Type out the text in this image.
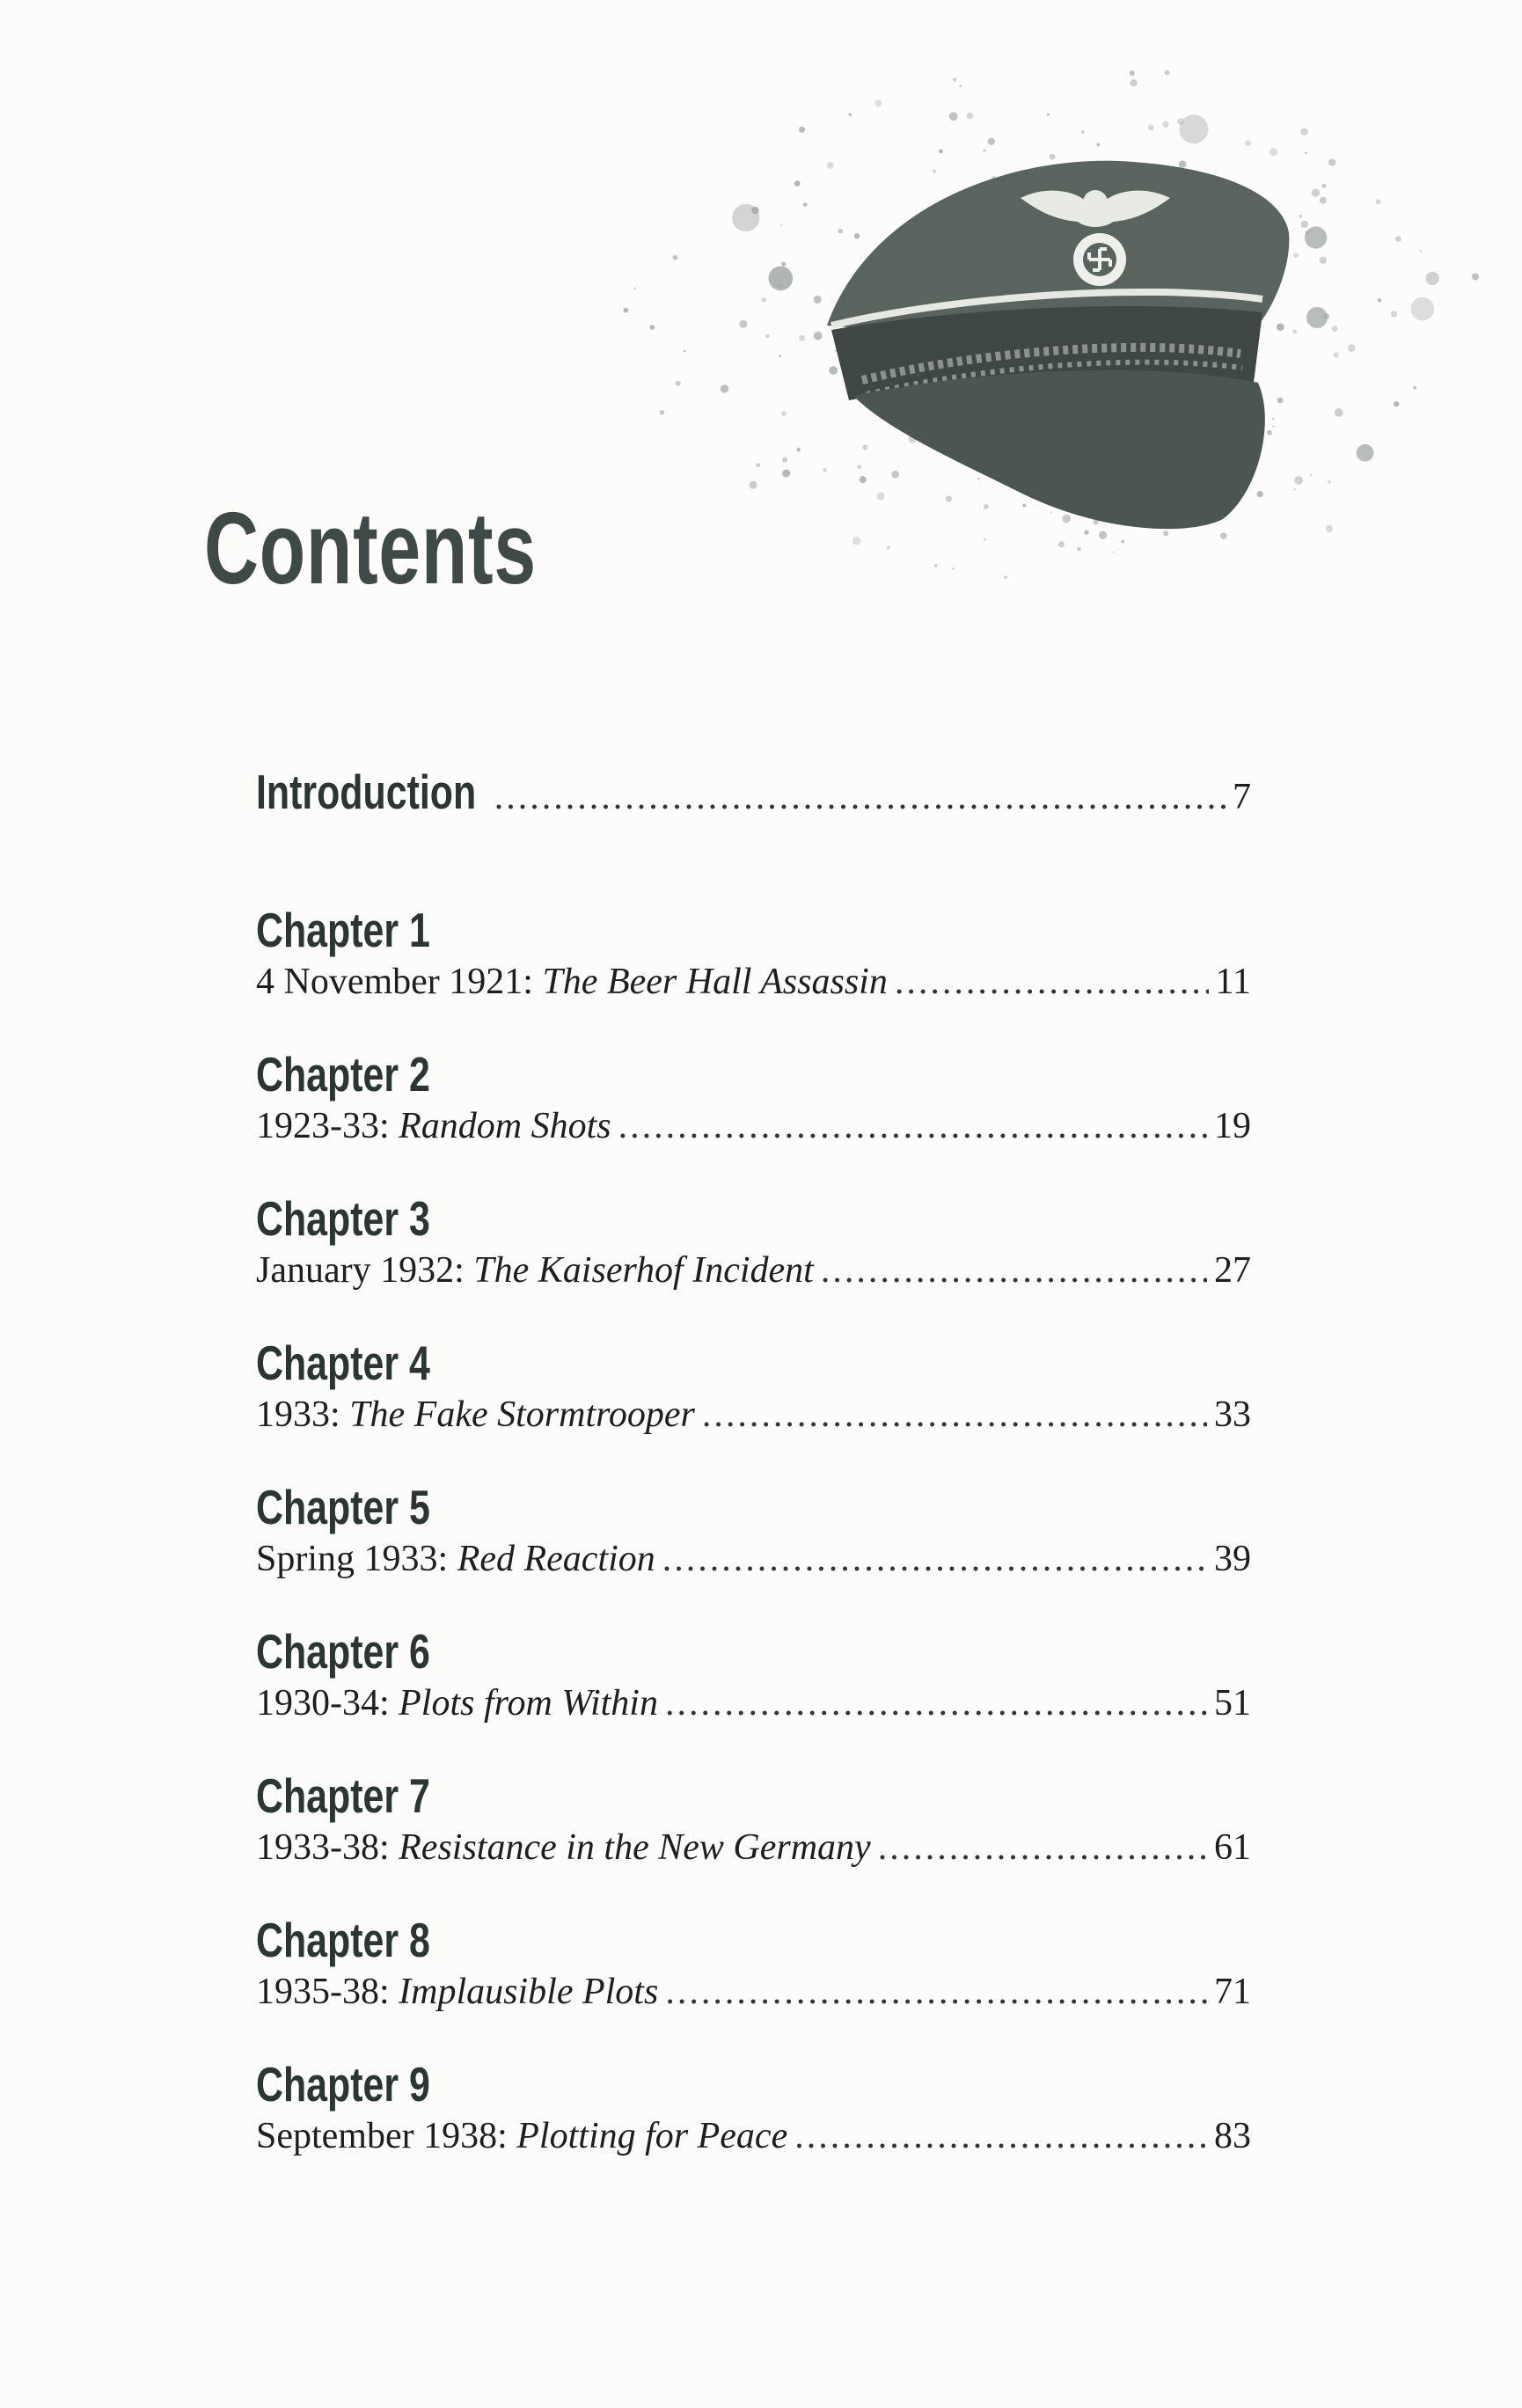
Contents
Introduction .....	7
Chapter 1
4 November 1921: The Beer Hall Assassin .....	11
Chapter 2
1923-33: Random Shots .....	19
Chapter 3
January 1932: The Kaiserhof Incident .....	27
Chapter 4
1933: The Fake Stormtrooper .....	33
Chapter 5
Spring 1933: Red Reaction .....	39
Chapter 6
1930-34: Plots from Within .....	51
Chapter 7
1933-38: Resistance in the New Germany .....	61
Chapter 8
1935-38: Implausible Plots .....	71
Chapter 9
September 1938: Plotting for Peace .....	83
